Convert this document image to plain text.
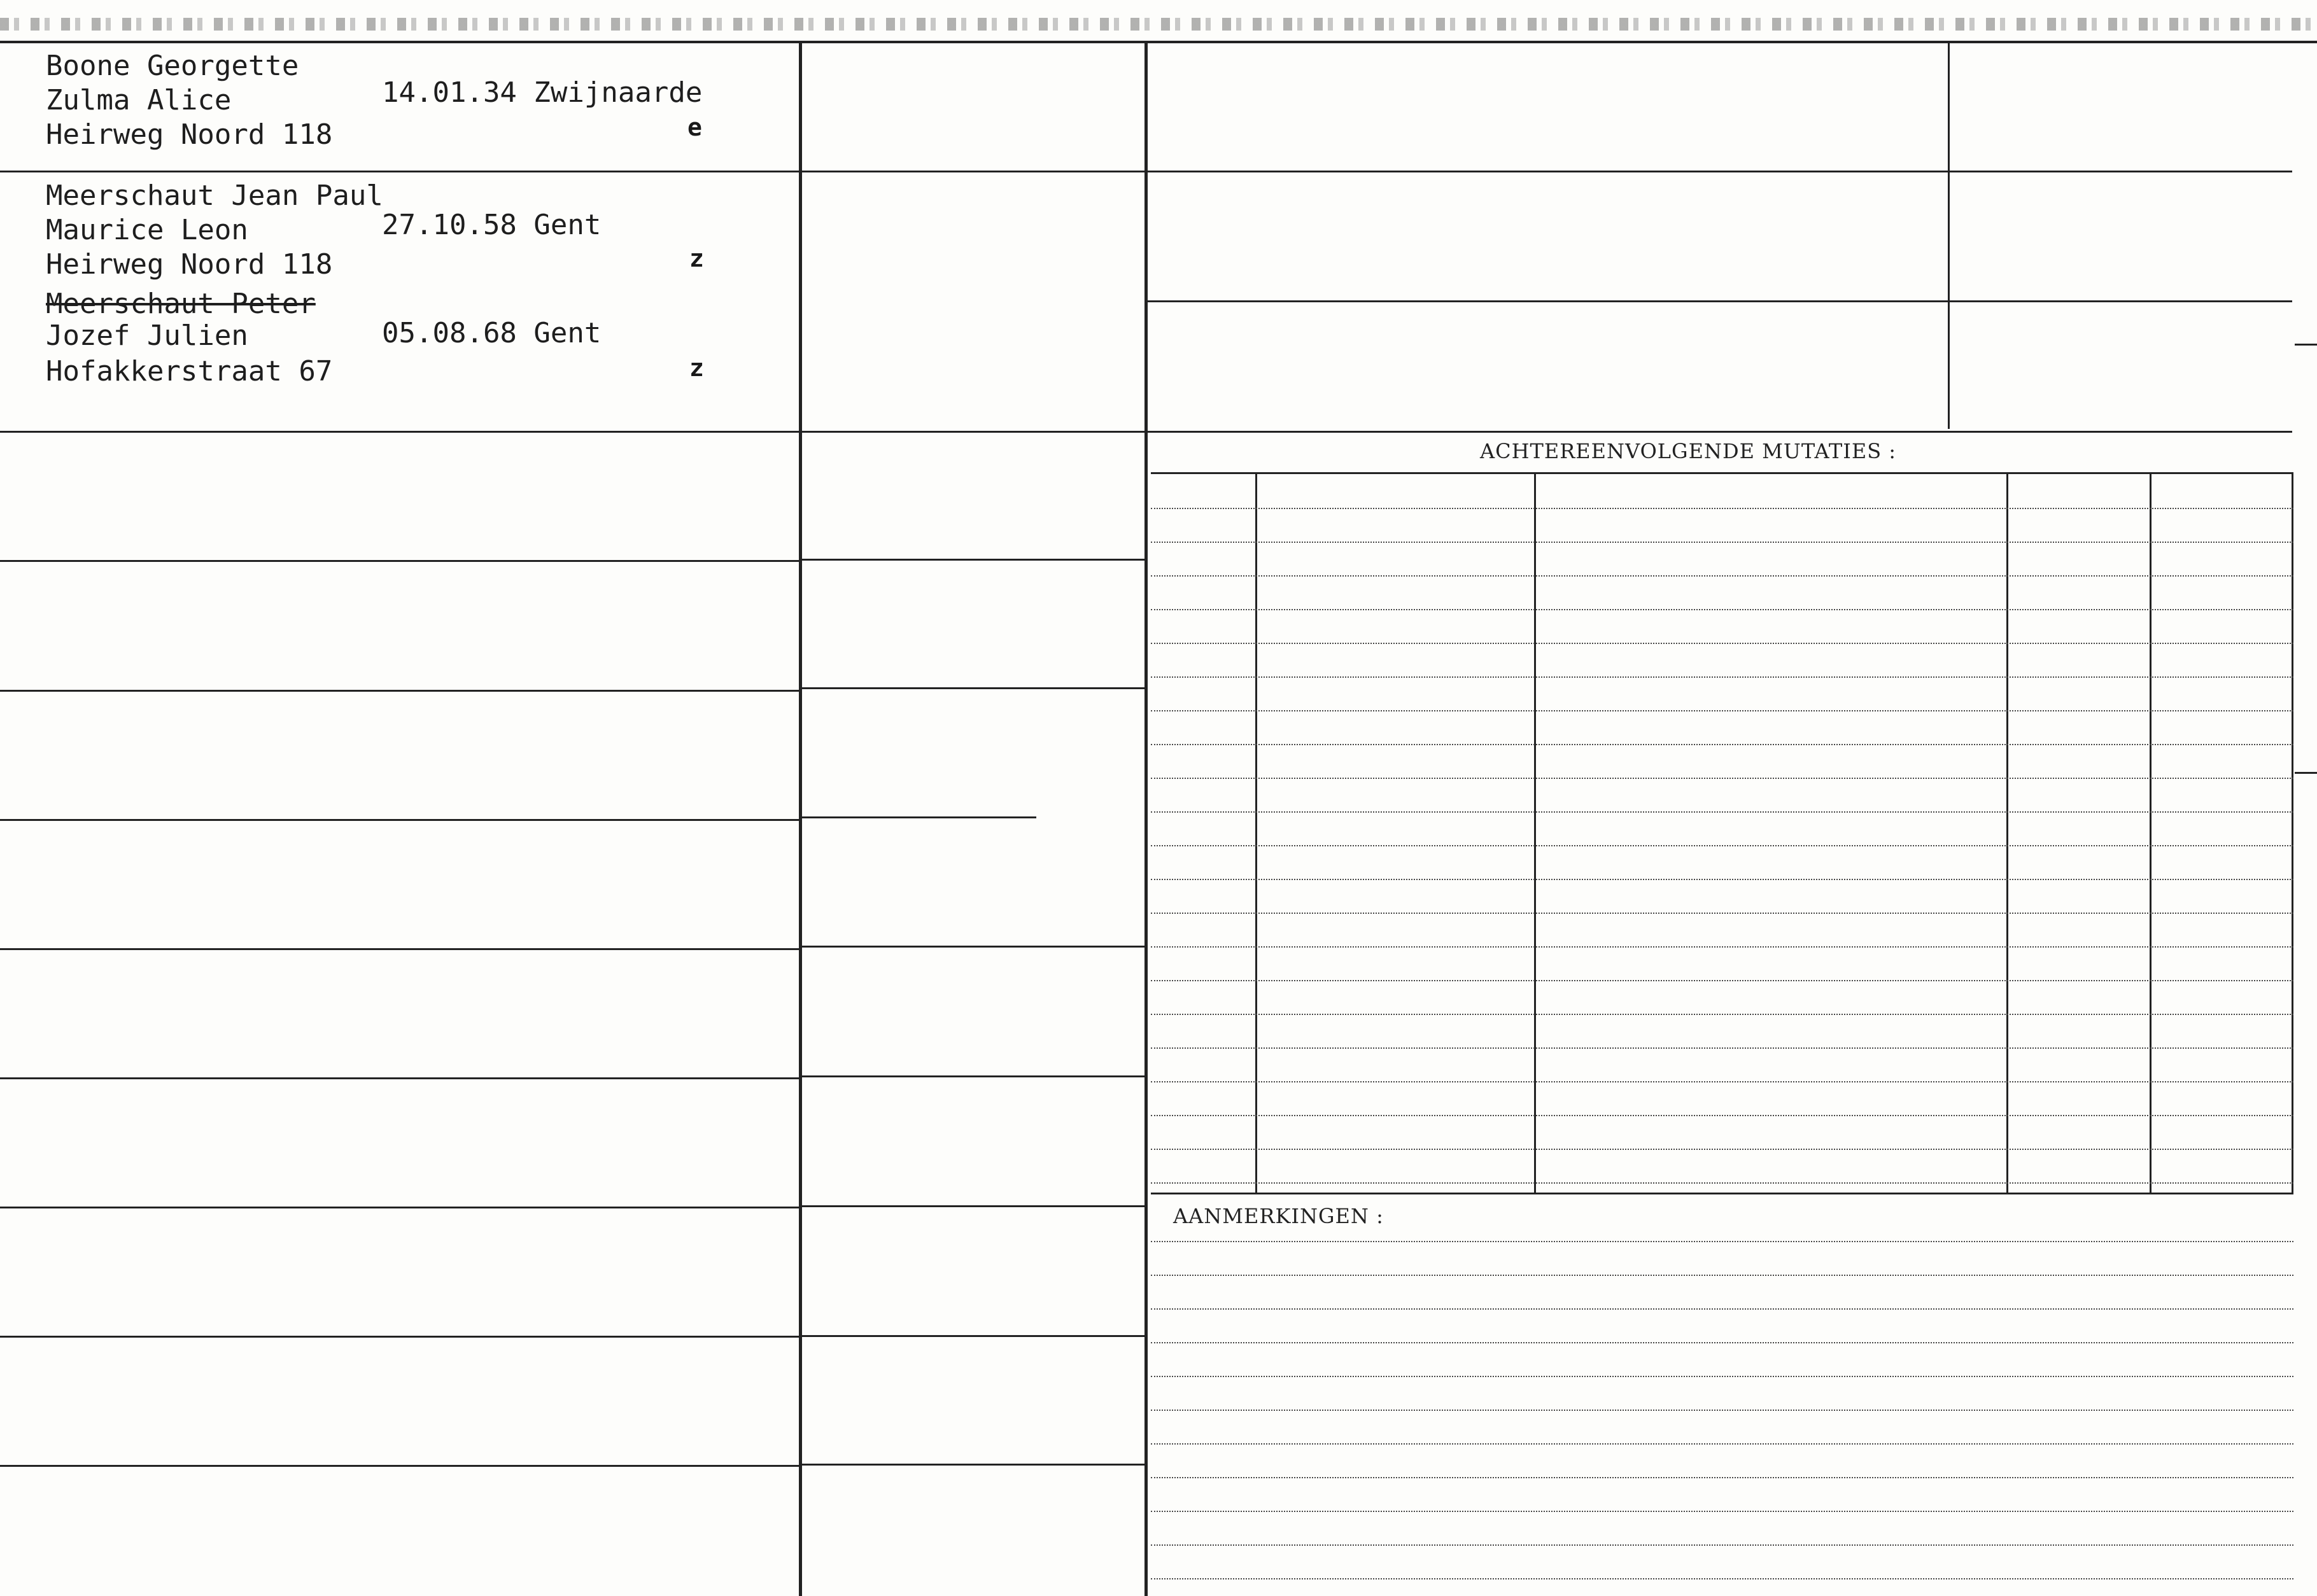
ACHTEREENVOLGENDE MUTATIES :
AANMERKINGEN :
Boone Georgette
Zulma Alice
Heirweg Noord 118
14.01.34 Zwijnaarde
e
Meerschaut Jean Paul
Maurice Leon
Heirweg Noord 118
27.10.58 Gent
z
Meerschaut Peter
Jozef Julien
Hofakkerstraat 67
05.08.68 Gent
z
